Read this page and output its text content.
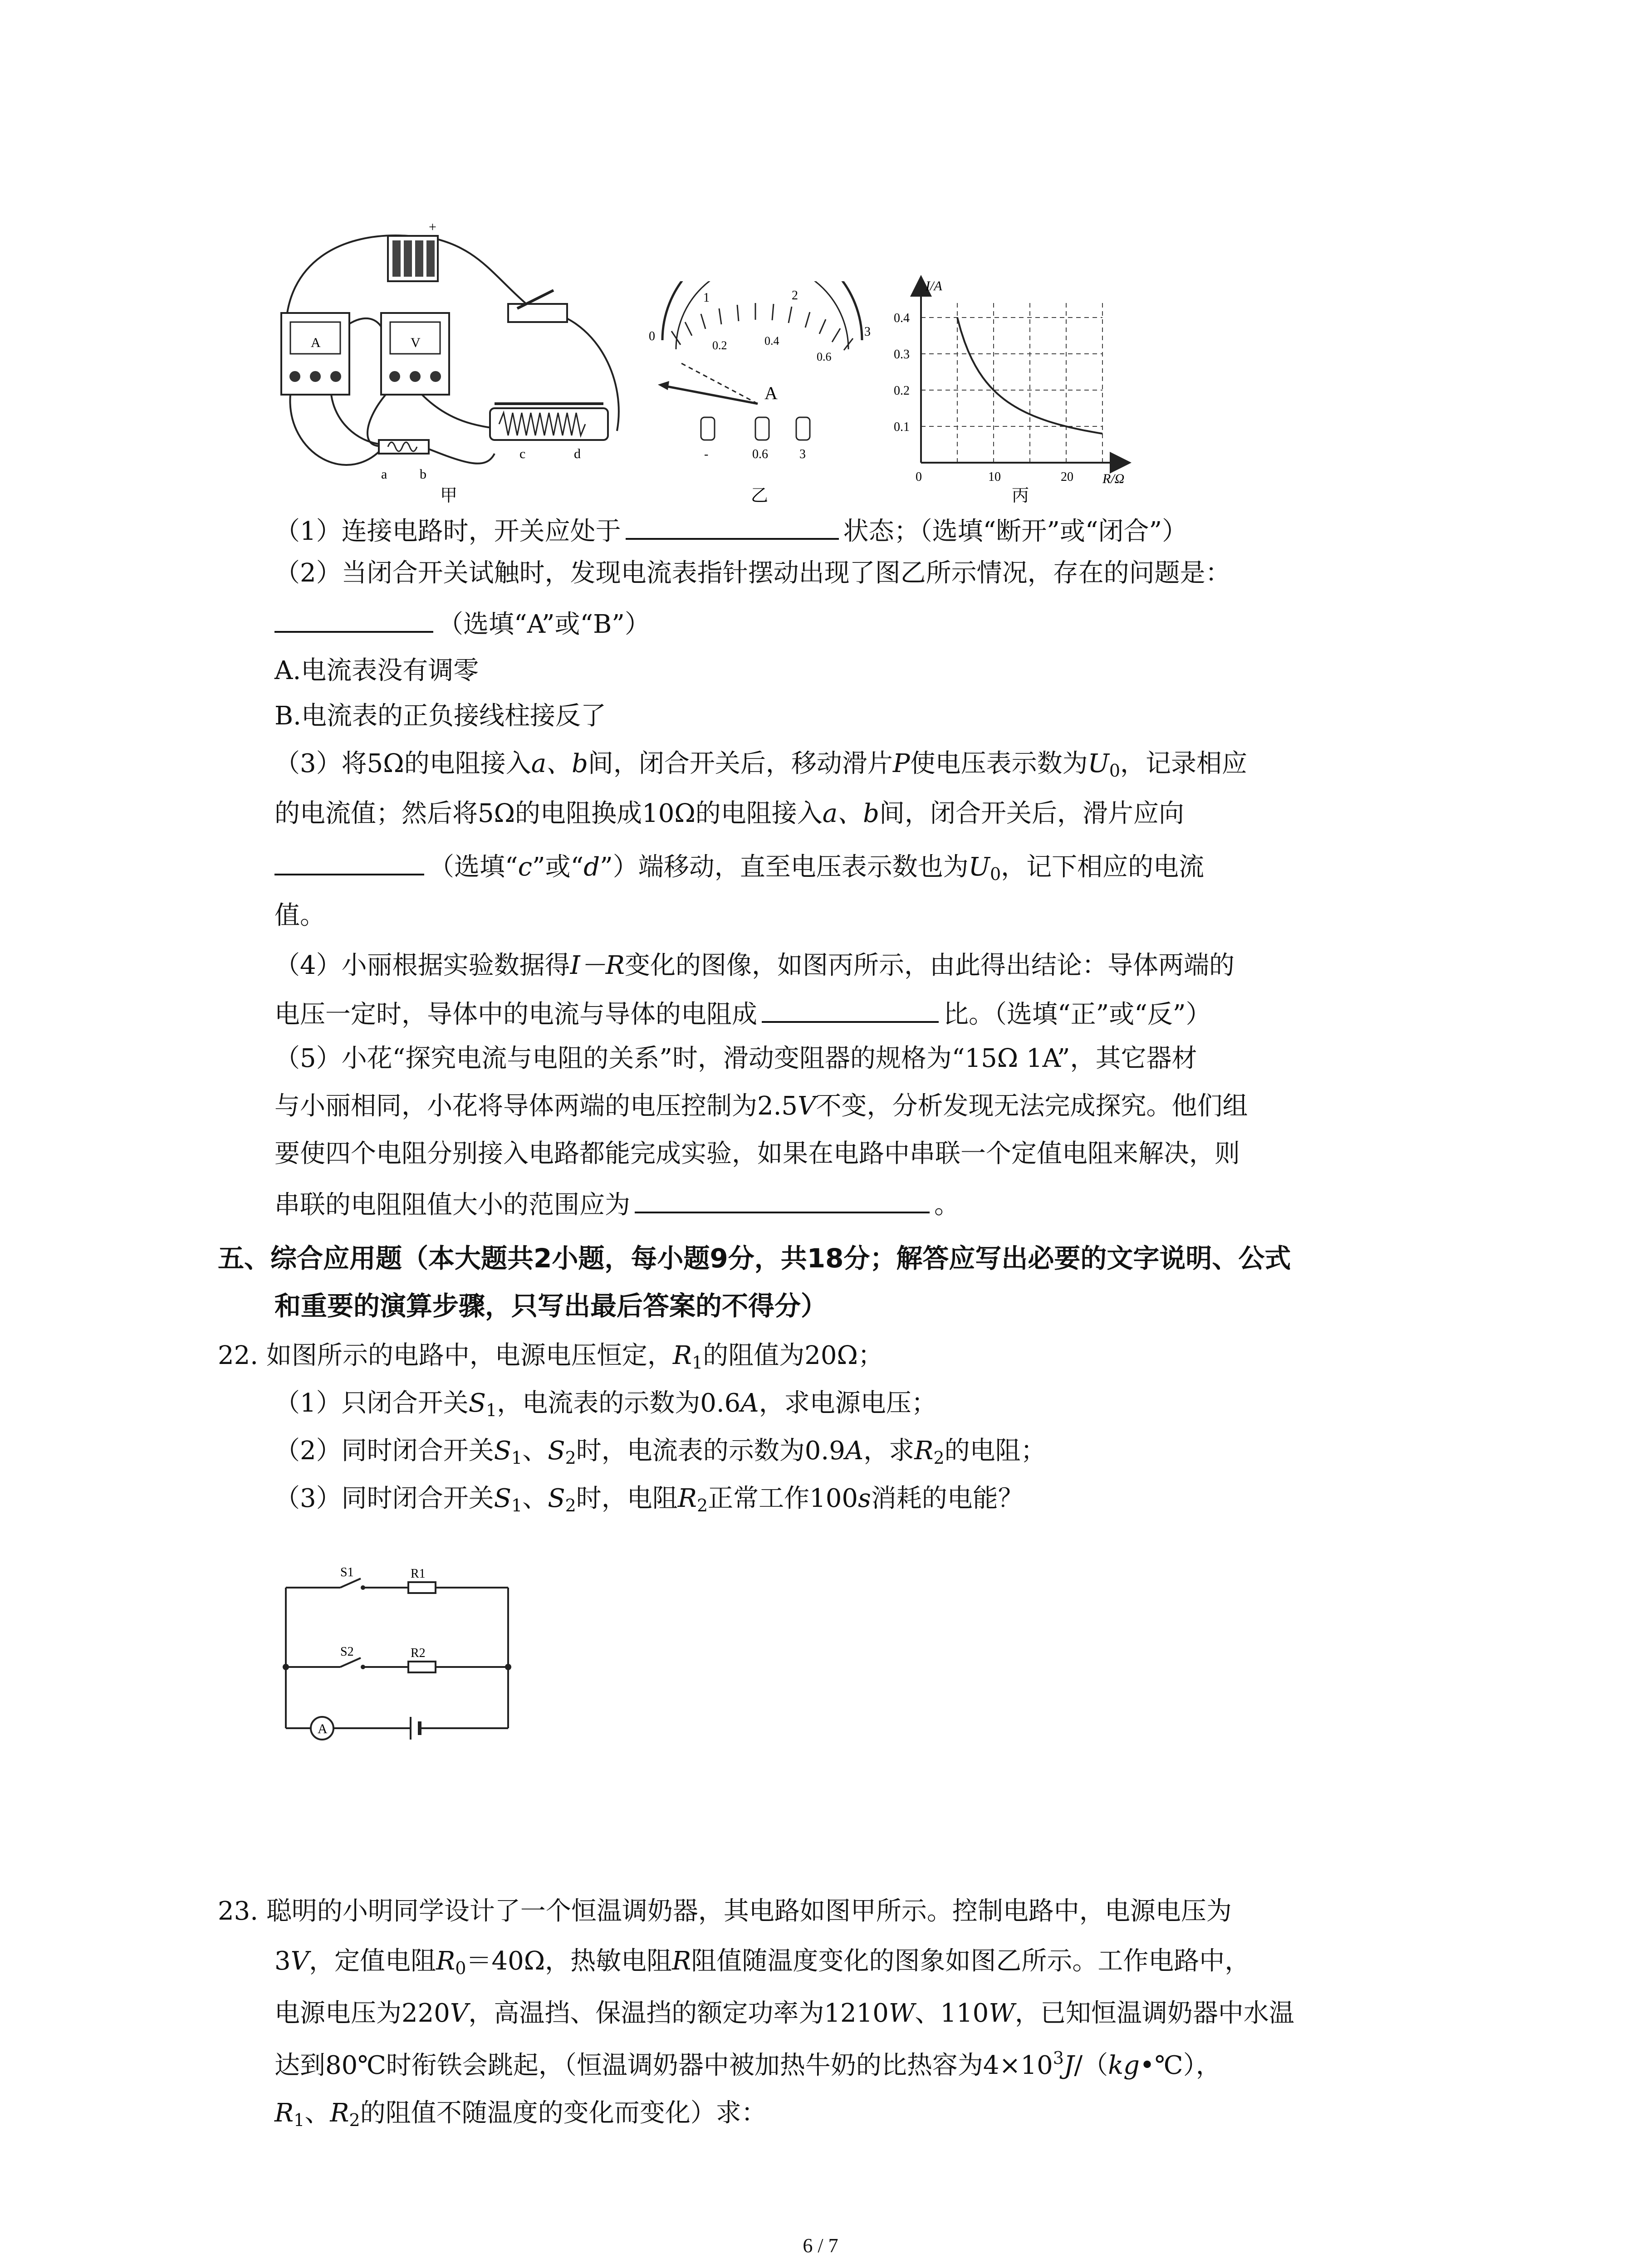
+
A	V
a b
c	d
甲
0
1	2
3
0.2	0.4
0.6
A
-	0.6 3
乙
0.4
0.3
0.2
0.1
0	10	20
I/A
R/Ω
丙
（1）连接电路时，开关应处于	状态；（选填“断开”或“闭合”）
（2）当闭合开关试触时，发现电流表指针摆动出现了图乙所示情况，存在的问题是：
（选填“A”或“B”）
A.电流表没有调零
B.电流表的正负接线柱接反了
（3）将5Ω的电阻接入a、b间，闭合开关后，移动滑片P使电压表示数为$U_0$，记录相应
的电流值；然后将5Ω的电阻换成10Ω的电阻接入a、b间，闭合开关后，滑片应向
（选填“c”或“d”）端移动，直至电压表示数也为$U_0$，记下相应的电流
值。
（4）小丽根据实验数据得I－R变化的图像，如图丙所示，由此得出结论：导体两端的
电压一定时，导体中的电流与导体的电阻成	比。（选填“正”或“反”）
（5）小花“探究电流与电阻的关系”时，滑动变阻器的规格为“15Ω 1A”，其它器材
与小丽相同，小花将导体两端的电压控制为2.5V不变，分析发现无法完成探究。他们组
要使四个电阻分别接入电路都能完成实验，如果在电路中串联一个定值电阻来解决，则
串联的电阻阻值大小的范围应为	。
五、综合应用题（本大题共2小题，每小题9分，共18分；解答应写出必要的文字说明、公式
和重要的演算步骤，只写出最后答案的不得分）
22. 如图所示的电路中，电源电压恒定，$R_1$的阻值为20Ω；
（1）只闭合开关$S_1$，电流表的示数为0.6A，求电源电压；
（2）同时闭合开关$S_1$、$S_2$时，电流表的示数为0.9A，求$R_2$的电阻；
（3）同时闭合开关$S_1$、$S_2$时，电阻$R_2$正常工作100s消耗的电能？
A
S1	R1
S2	R2
23. 聪明的小明同学设计了一个恒温调奶器，其电路如图甲所示。控制电路中，电源电压为
3V，定值电阻$R_0=40\Omega$，热敏电阻R阻值随温度变化的图象如图乙所示。工作电路中，
电源电压为220V，高温挡、保温挡的额定功率为1210W、110W，已知恒温调奶器中水温
达到80℃时衔铁会跳起，（恒温调奶器中被加热牛奶的比热容为$4\times 10^3J/(kg•℃)$，
$R_1$、$R_2$的阻值不随温度的变化而变化）求：
6 / 7
